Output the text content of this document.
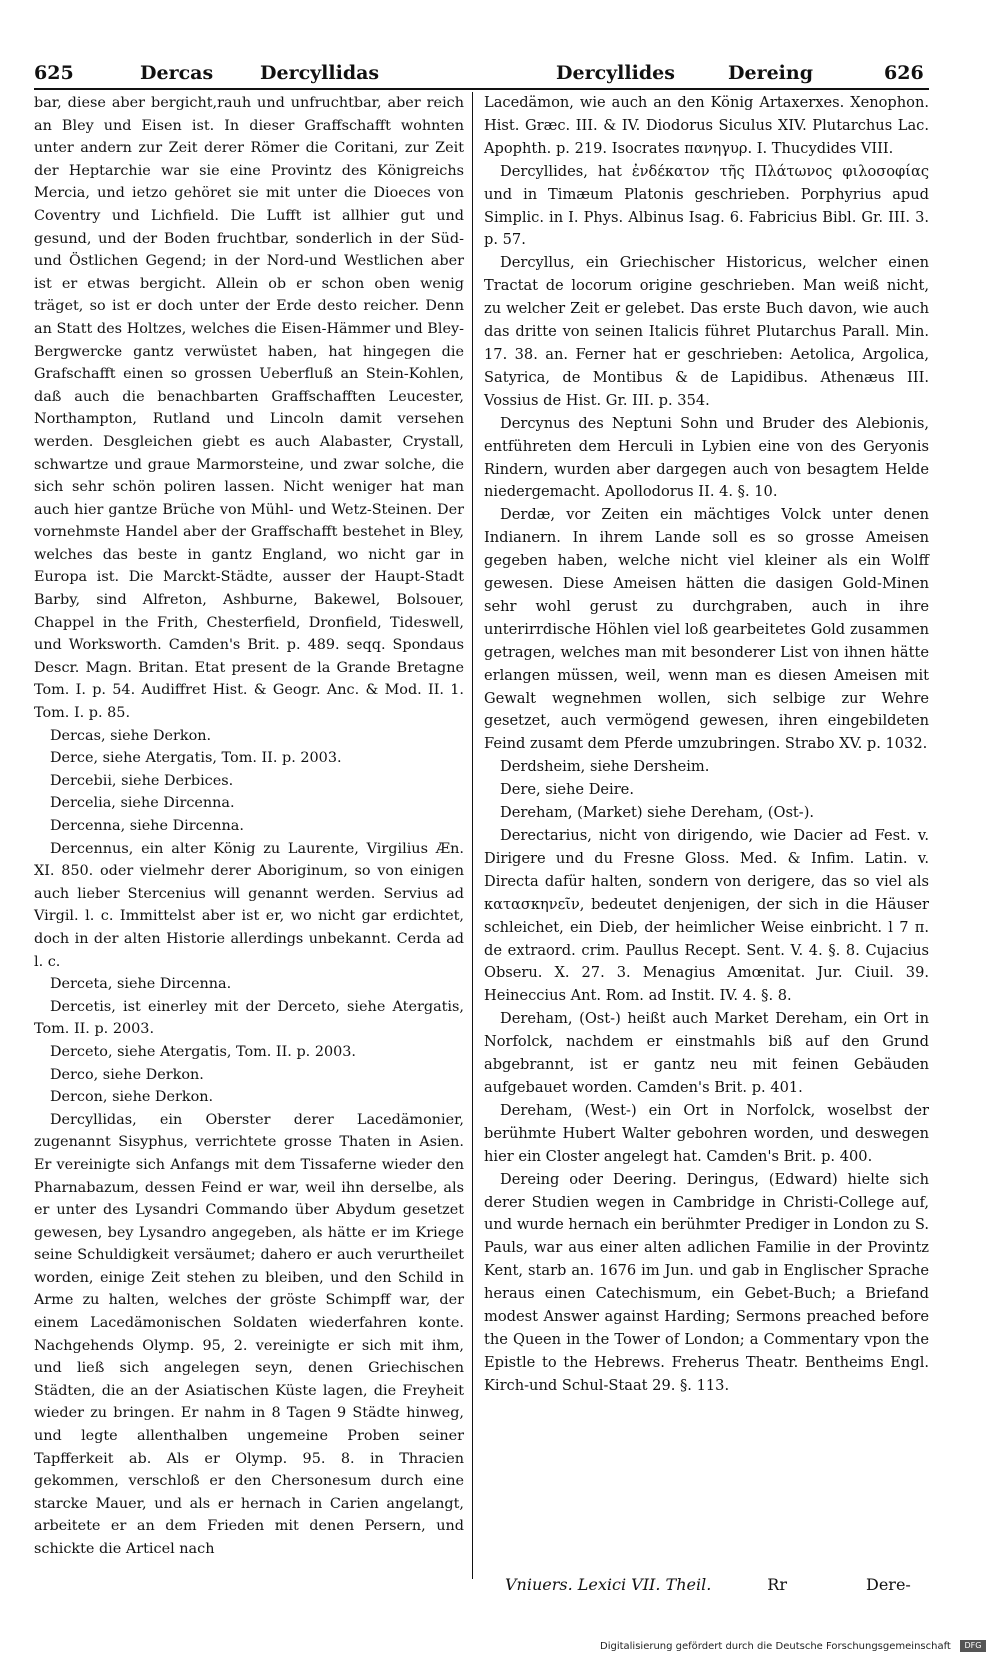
625	Dercas Dercyllidas	Dercyllides	Dereing	626

bar, diese aber bergicht,rauh und unfruchtbar, aber reich an Bley und Eisen ist. In dieser Graffschafft wohnten unter andern zur Zeit derer Römer die Coritani, zur Zeit der Heptarchie war sie eine Provintz des Königreichs Mercia, und ietzo gehöret sie mit unter die Dioeces von Coventry und Lichfield. Die Lufft ist allhier gut und gesund, und der Boden fruchtbar, sonderlich in der Süd-und Östlichen Gegend; in der Nord-und Westlichen aber ist er etwas bergicht. Allein ob er schon oben wenig träget, so ist er doch unter der Erde desto reicher. Denn an Statt des Holtzes, welches die Eisen-Hämmer und Bley-Bergwercke gantz verwüstet haben, hat hingegen die Grafschafft einen so grossen Ueberfluß an Stein-Kohlen, daß auch die benachbarten Graffschafften Leucester, Northampton, Rutland und Lincoln damit versehen werden. Desgleichen giebt es auch Alabaster, Crystall, schwartze und graue Marmorsteine, und zwar solche, die sich sehr schön poliren lassen. Nicht weniger hat man auch hier gantze Brüche von Mühl- und Wetz-Steinen. Der vornehmste Handel aber der Graffschafft bestehet in Bley, welches das beste in gantz England, wo nicht gar in Europa ist. Die Marckt-Städte, ausser der Haupt-Stadt Barby, sind Alfreton, Ashburne, Bakewel, Bolsouer, Chappel in the Frith, Chesterfield, Dronfield, Tideswell, und Worksworth. Camden's Brit. p. 489. seqq. Spondaus Descr. Magn. Britan. Etat present de la Grande Bretagne Tom. I. p. 54. Audiffret Hist. & Geogr. Anc. & Mod. II. 1. Tom. I. p. 85.

Dercas, siehe Derkon.

Derce, siehe Atergatis, Tom. II. p. 2003.

Dercebii, siehe Derbices.

Dercelia, siehe Dircenna.

Dercenna, siehe Dircenna.

Dercennus, ein alter König zu Laurente, Virgilius Æn. XI. 850. oder vielmehr derer Aboriginum, so von einigen auch lieber Stercenius will genannt werden. Servius ad Virgil. l. c. Immittelst aber ist er, wo nicht gar erdichtet, doch in der alten Historie allerdings unbekannt. Cerda ad l. c.

Derceta, siehe Dircenna.

Dercetis, ist einerley mit der Derceto, siehe Atergatis, Tom. II. p. 2003.

Derceto, siehe Atergatis, Tom. II. p. 2003.

Derco, siehe Derkon.

Dercon, siehe Derkon.

Dercyllidas, ein Oberster derer Lacedämonier, zugenannt Sisyphus, verrichtete grosse Thaten in Asien. Er vereinigte sich Anfangs mit dem Tissaferne wieder den Pharnabazum, dessen Feind er war, weil ihn derselbe, als er unter des Lysandri Commando über Abydum gesetzet gewesen, bey Lysandro angegeben, als hätte er im Kriege seine Schuldigkeit versäumet; dahero er auch verurtheilet worden, einige Zeit stehen zu bleiben, und den Schild in Arme zu halten, welches der gröste Schimpff war, der einem Lacedämonischen Soldaten wiederfahren konte. Nachgehends Olymp. 95, 2. vereinigte er sich mit ihm, und ließ sich angelegen seyn, denen Griechischen Städten, die an der Asiatischen Küste lagen, die Freyheit wieder zu bringen. Er nahm in 8 Tagen 9 Städte hinweg, und legte allenthalben ungemeine Proben seiner Tapfferkeit ab. Als er Olymp. 95. 8. in Thracien gekommen, verschloß er den Chersonesum durch eine starcke Mauer, und als er hernach in Carien angelangt, arbeitete er an dem Frieden mit denen Persern, und schickte die Articel nach

Lacedämon, wie auch an den König Artaxerxes. Xenophon. Hist. Græc. III. & IV. Diodorus Siculus XIV. Plutarchus Lac. Apophth. p. 219. Isocrates πανηγυρ. I. Thucydides VIII.

Dercyllides, hat ἐνδέκατον τῆς Πλάτωνος φιλοσοφίας und in Timæum Platonis geschrieben. Porphyrius apud Simplic. in I. Phys. Albinus Isag. 6. Fabricius Bibl. Gr. III. 3. p. 57.

Dercyllus, ein Griechischer Historicus, welcher einen Tractat de locorum origine geschrieben. Man weiß nicht, zu welcher Zeit er gelebet. Das erste Buch davon, wie auch das dritte von seinen Italicis führet Plutarchus Parall. Min. 17. 38. an. Ferner hat er geschrieben: Aetolica, Argolica, Satyrica, de Montibus & de Lapidibus. Athenæus III. Vossius de Hist. Gr. III. p. 354.

Dercynus des Neptuni Sohn und Bruder des Alebionis, entführeten dem Herculi in Lybien eine von des Geryonis Rindern, wurden aber dargegen auch von besagtem Helde niedergemacht. Apollodorus II. 4. §. 10.

Derdæ, vor Zeiten ein mächtiges Volck unter denen Indianern. In ihrem Lande soll es so grosse Ameisen gegeben haben, welche nicht viel kleiner als ein Wolff gewesen. Diese Ameisen hätten die dasigen Gold-Minen sehr wohl gerust zu durchgraben, auch in ihre unterirrdische Höhlen viel loß gearbeitetes Gold zusammen getragen, welches man mit besonderer List von ihnen hätte erlangen müssen, weil, wenn man es diesen Ameisen mit Gewalt wegnehmen wollen, sich selbige zur Wehre gesetzet, auch vermögend gewesen, ihren eingebildeten Feind zusamt dem Pferde umzubringen. Strabo XV. p. 1032.

Derdsheim, siehe Dersheim.

Dere, siehe Deire.

Dereham, (Market) siehe Dereham, (Ost-).

Derectarius, nicht von dirigendo, wie Dacier ad Fest. v. Dirigere und du Fresne Gloss. Med. & Infim. Latin. v. Directa dafür halten, sondern von derigere, das so viel als κατασκηνεῖν, bedeutet denjenigen, der sich in die Häuser schleichet, ein Dieb, der heimlicher Weise einbricht. l 7 π. de extraord. crim. Paullus Recept. Sent. V. 4. §. 8. Cujacius Obseru. X. 27. 3. Menagius Amœnitat. Jur. Ciuil. 39. Heineccius Ant. Rom. ad Instit. IV. 4. §. 8.

Dereham, (Ost-) heißt auch Market Dereham, ein Ort in Norfolck, nachdem er einstmahls biß auf den Grund abgebrannt, ist er gantz neu mit feinen Gebäuden aufgebauet worden. Camden's Brit. p. 401.

Dereham, (West-) ein Ort in Norfolck, woselbst der berühmte Hubert Walter gebohren worden, und deswegen hier ein Closter angelegt hat. Camden's Brit. p. 400.

Dereing oder Deering. Deringus, (Edward) hielte sich derer Studien wegen in Cambridge in Christi-College auf, und wurde hernach ein berühmter Prediger in London zu S. Pauls, war aus einer alten adlichen Familie in der Provintz Kent, starb an. 1676 im Jun. und gab in Englischer Sprache heraus einen Catechismum, ein Gebet-Buch; a Briefand modest Answer against Harding; Sermons preached before the Queen in the Tower of London; a Commentary vpon the Epistle to the Hebrews. Freherus Theatr. Bentheims Engl. Kirch-und Schul-Staat 29. §. 113.

Vniuers. Lexici VII. Theil.	Rr	Dere-
Digitalisierung gefördert durch die Deutsche Forschungsgemeinschaft	DFG
